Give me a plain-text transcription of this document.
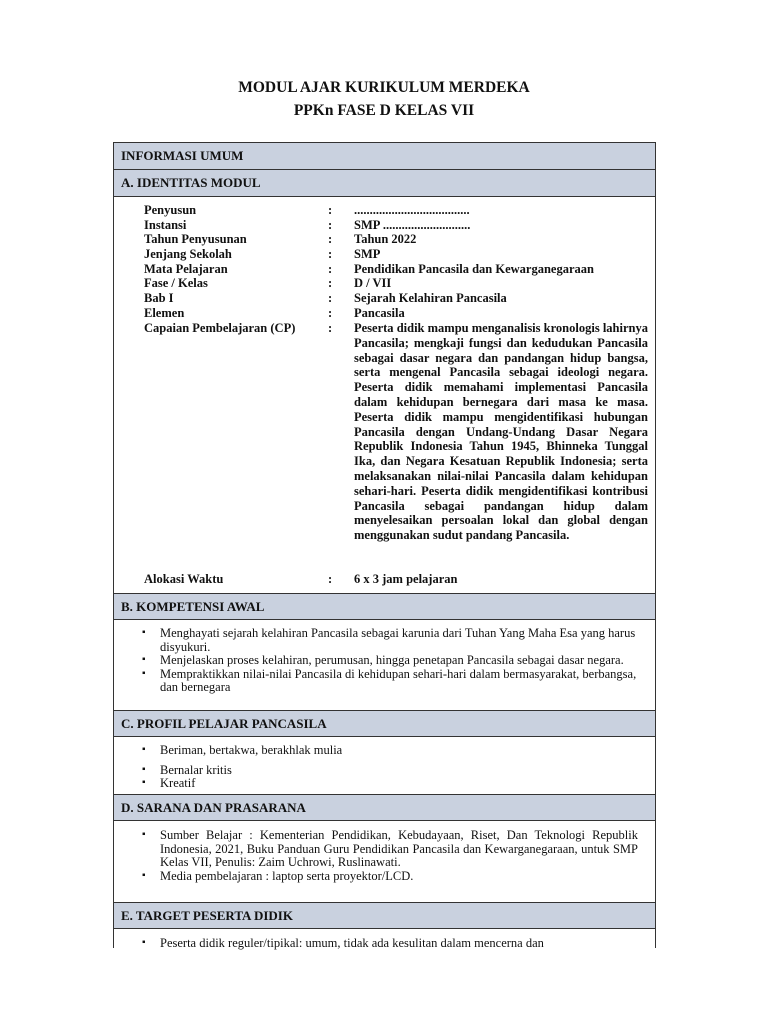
MODUL AJAR KURIKULUM MERDEKA
PPKn FASE D KELAS VII
INFORMASI UMUM
A. IDENTITAS MODUL
Penyusun	: .....................................
Instansi	: SMP ............................
Tahun Penyusunan	: Tahun 2022
Jenjang Sekolah	: SMP
Mata Pelajaran	: Pendidikan Pancasila dan Kewarganegaraan
Fase / Kelas	: D / VII
Bab I	: Sejarah Kelahiran Pancasila
Elemen	: Pancasila
Capaian Pembelajaran (CP)	: Peserta didik mampu menganalisis kronologis lahirnya Pancasila; mengkaji fungsi dan kedudukan Pancasila sebagai dasar negara dan pandangan hidup bangsa, serta mengenal Pancasila sebagai ideologi negara. Peserta didik memahami implementasi Pancasila dalam kehidupan bernegara dari masa ke masa. Peserta didik mampu mengidentifikasi hubungan Pancasila dengan Undang-Undang Dasar Negara Republik Indonesia Tahun 1945, Bhinneka Tunggal Ika, dan Negara Kesatuan Republik Indonesia; serta melaksanakan nilai-nilai Pancasila dalam kehidupan sehari-hari. Peserta didik mengidentifikasi kontribusi Pancasila sebagai pandangan hidup dalam menyelesaikan persoalan lokal dan global dengan menggunakan sudut pandang Pancasila.
Alokasi Waktu	: 6 x 3 jam pelajaran
B. KOMPETENSI AWAL
▪ Menghayati sejarah kelahiran Pancasila sebagai karunia dari Tuhan Yang Maha Esa yang harus disyukuri.
▪ Menjelaskan proses kelahiran, perumusan, hingga penetapan Pancasila sebagai dasar negara.
▪ Mempraktikkan nilai-nilai Pancasila di kehidupan sehari-hari dalam bermasyarakat, berbangsa, dan bernegara
C. PROFIL PELAJAR PANCASILA
▪ Beriman, bertakwa, berakhlak mulia
▪ Bernalar kritis
▪ Kreatif
D. SARANA DAN PRASARANA
▪ Sumber Belajar : Kementerian Pendidikan, Kebudayaan, Riset, Dan Teknologi Republik Indonesia, 2021, Buku Panduan Guru Pendidikan Pancasila dan Kewarganegaraan, untuk SMP Kelas VII, Penulis: Zaim Uchrowi, Ruslinawati.
▪ Media pembelajaran : laptop serta proyektor/LCD.
E. TARGET PESERTA DIDIK
▪ Peserta didik reguler/tipikal: umum, tidak ada kesulitan dalam mencerna dan
